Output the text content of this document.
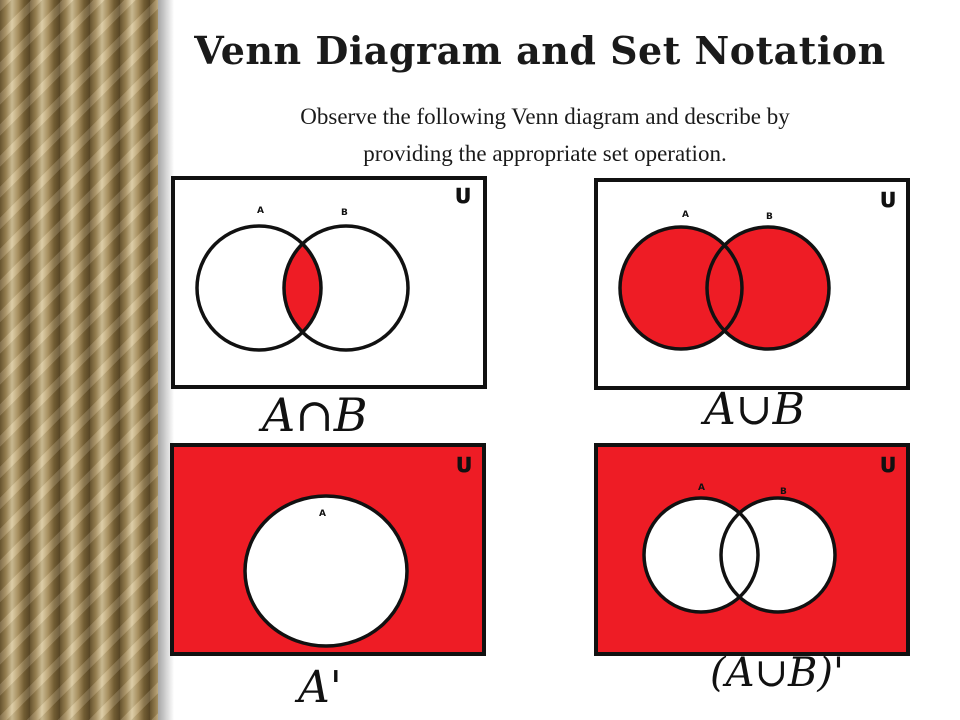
Venn Diagram and Set Notation
Observe the following Venn diagram and describe by
providing the appropriate set operation.
U
A	B
A∩B
U
A	B
A∪B
U
A
A'
U
A	B
(A∪B)'
